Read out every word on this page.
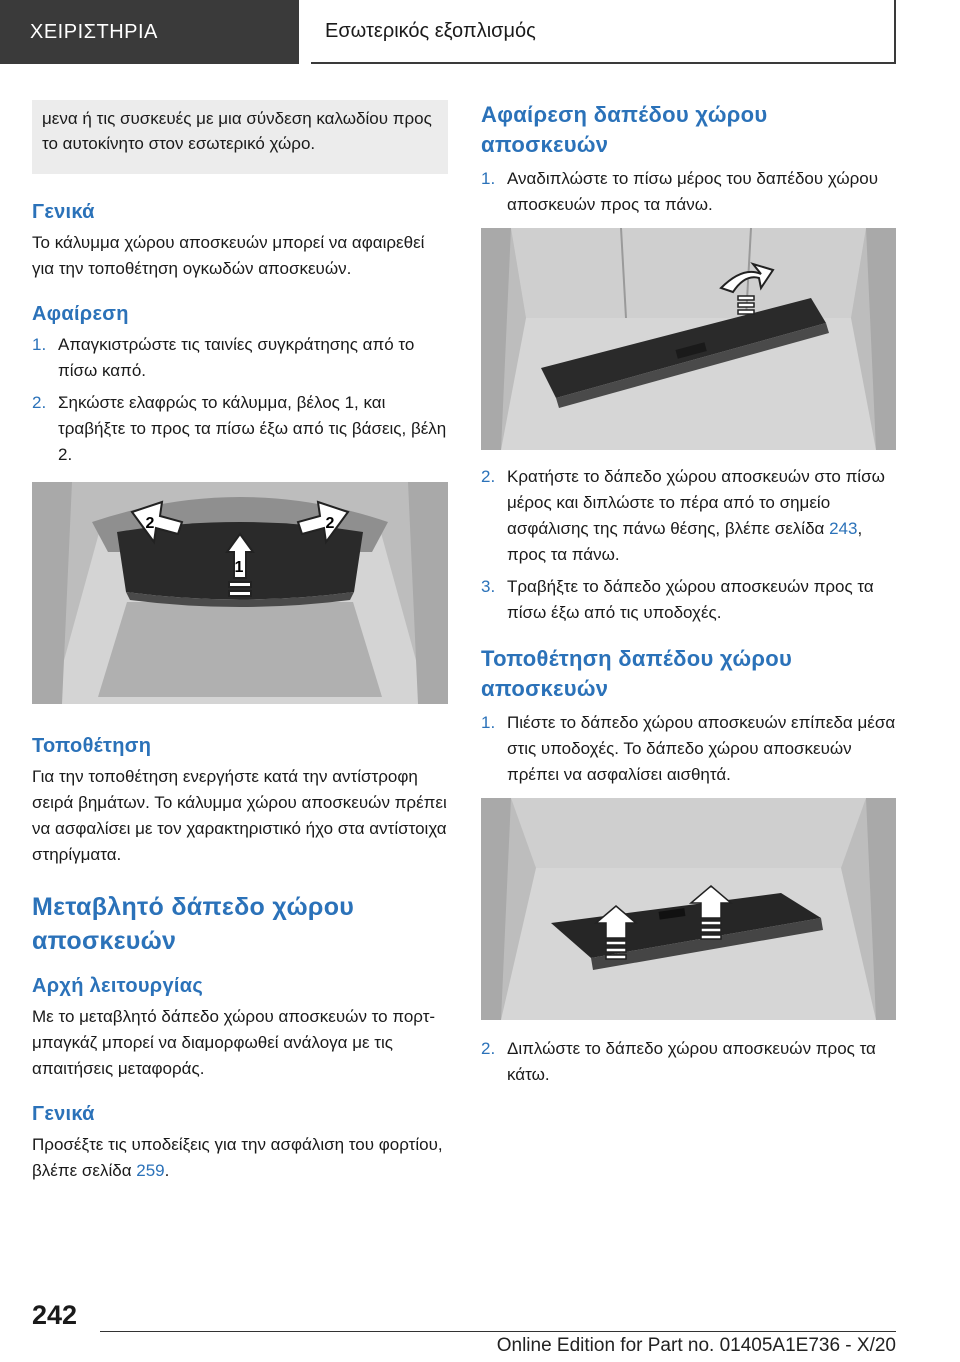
ΧΕΙΡΙΣΤΗΡΙΑ	Εσωτερικός εξοπλισμός
μενα ή τις συσκευές με μια σύνδεση καλωδίου προς το αυτοκίνητο στον εσωτερικό χώρο.
Γενικά

Το κάλυμμα χώρου αποσκευών μπορεί να αφαιρεθεί για την τοποθέτηση ογκωδών αποσκευών.

Αφαίρεση
1. Απαγκιστρώστε τις ταινίες συγκράτησης από το πίσω καπό.
2. Σηκώστε ελαφρώς το κάλυμμα, βέλος 1, και τραβήξτε το προς τα πίσω έξω από τις βάσεις, βέλη 2.
1
2	2
Τοποθέτηση

Για την τοποθέτηση ενεργήστε κατά την αντίστροφη σειρά βημάτων. Το κάλυμμα χώρου αποσκευών πρέπει να ασφαλίσει με τον χαρακτηριστικό ήχο στα αντίστοιχα στηρίγματα.

Μεταβλητό δάπεδο χώρου αποσκευών
Αρχή λειτουργίας

Με το μεταβλητό δάπεδο χώρου αποσκευών το πορτ-μπαγκάζ μπορεί να διαμορφωθεί ανάλογα με τις απαιτήσεις μεταφοράς.

Γενικά

Προσέξτε τις υποδείξεις για την ασφάλιση του φορτίου, βλέπε σελίδα 259.

Αφαίρεση δαπέδου χώρου αποσκευών
1. Αναδιπλώστε το πίσω μέρος του δαπέδου χώρου αποσκευών προς τα πάνω.
2. Κρατήστε το δάπεδο χώρου αποσκευών στο πίσω μέρος και διπλώστε το πέρα από το σημείο ασφάλισης της πάνω θέσης, βλέπε σελίδα 243, προς τα πάνω.
3. Τραβήξτε το δάπεδο χώρου αποσκευών προς τα πίσω έξω από τις υποδοχές.
Τοποθέτηση δαπέδου χώρου αποσκευών
1. Πιέστε το δάπεδο χώρου αποσκευών επίπεδα μέσα στις υποδοχές. Το δάπεδο χώρου αποσκευών πρέπει να ασφαλίσει αισθητά.
2. Διπλώστε το δάπεδο χώρου αποσκευών προς τα κάτω.
242
Online Edition for Part no. 01405A1E736 - X/20
